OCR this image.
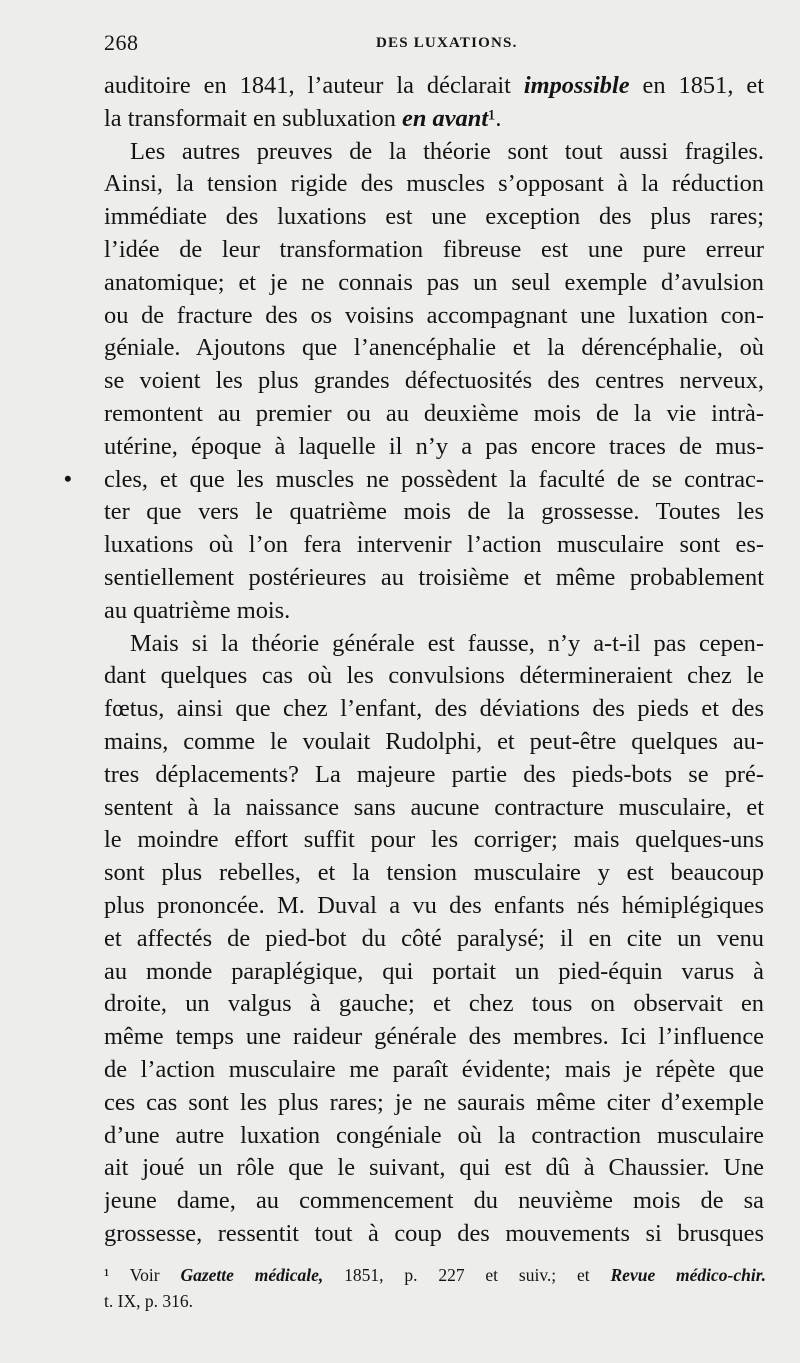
268	DES LUXATIONS.
•
auditoire en 1841, l’auteur la déclarait impossible en 1851, et
la transformait en subluxation en avant¹.
Les autres preuves de la théorie sont tout aussi fragiles.
Ainsi, la tension rigide des muscles s’opposant à la réduction
immédiate des luxations est une exception des plus rares;
l’idée de leur transformation fibreuse est une pure erreur
anatomique; et je ne connais pas un seul exemple d’avulsion
ou de fracture des os voisins accompagnant une luxation con-
géniale. Ajoutons que l’anencéphalie et la dérencéphalie, où
se voient les plus grandes défectuosités des centres nerveux,
remontent au premier ou au deuxième mois de la vie intrà-
utérine, époque à laquelle il n’y a pas encore traces de mus-
cles, et que les muscles ne possèdent la faculté de se contrac-
ter que vers le quatrième mois de la grossesse. Toutes les
luxations où l’on fera intervenir l’action musculaire sont es-
sentiellement postérieures au troisième et même probablement
au quatrième mois.
Mais si la théorie générale est fausse, n’y a-t-il pas cepen-
dant quelques cas où les convulsions détermineraient chez le
fœtus, ainsi que chez l’enfant, des déviations des pieds et des
mains, comme le voulait Rudolphi, et peut-être quelques au-
tres déplacements? La majeure partie des pieds-bots se pré-
sentent à la naissance sans aucune contracture musculaire, et
le moindre effort suffit pour les corriger; mais quelques-uns
sont plus rebelles, et la tension musculaire y est beaucoup
plus prononcée. M. Duval a vu des enfants nés hémiplégiques
et affectés de pied-bot du côté paralysé; il en cite un venu
au monde paraplégique, qui portait un pied-équin varus à
droite, un valgus à gauche; et chez tous on observait en
même temps une raideur générale des membres. Ici l’influence
de l’action musculaire me paraît évidente; mais je répète que
ces cas sont les plus rares; je ne saurais même citer d’exemple
d’une autre luxation congéniale où la contraction musculaire
ait joué un rôle que le suivant, qui est dû à Chaussier. Une
jeune dame, au commencement du neuvième mois de sa
grossesse, ressentit tout à coup des mouvements si brusques
¹ Voir Gazette médicale, 1851, p. 227 et suiv.; et Revue médico-chir.
t. IX, p. 316.
